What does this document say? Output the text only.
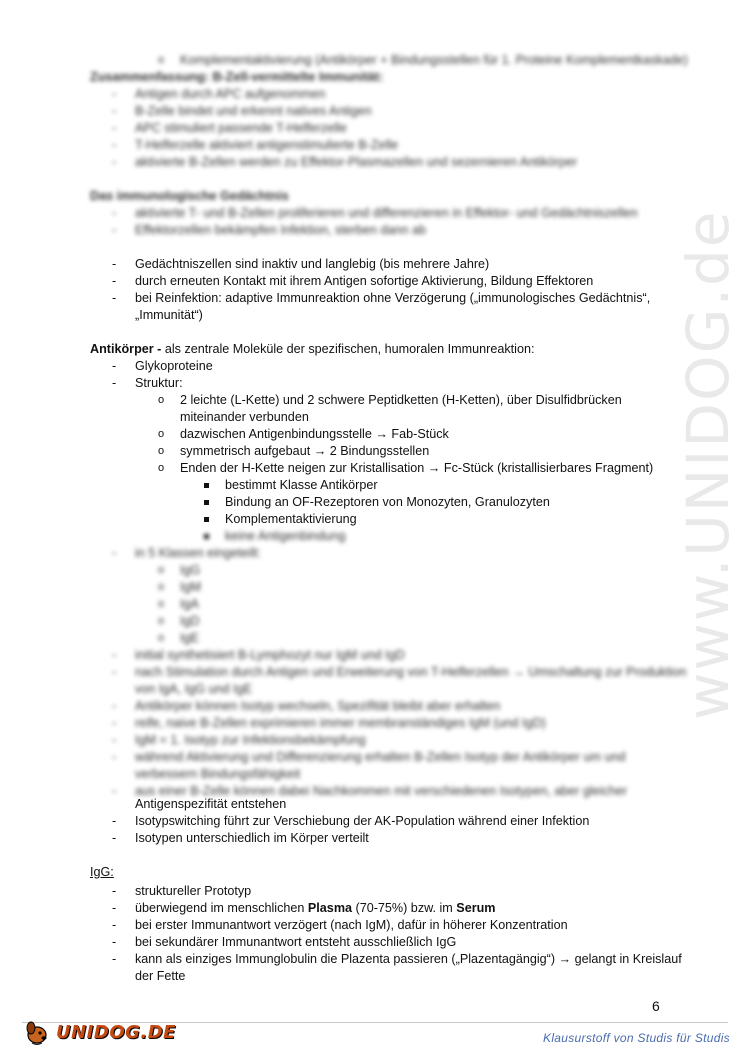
www.UNIDOG.de
o Komplementaktivierung (Antikörper + Bindungsstellen für 1. Proteine Komplementkaskade)
Zusammenfassung: B-Zell-vermittelte Immunität:
- Antigen durch APC aufgenommen
- B-Zelle bindet und erkennt natives Antigen
- APC stimuliert passende T-Helferzelle
- T-Helferzelle aktiviert antigenstimulierte B-Zelle
- aktivierte B-Zellen werden zu Effektor-Plasmazellen und sezernieren Antikörper
Das immunologische Gedächtnis
- aktivierte T- und B-Zellen proliferieren und differenzieren in Effektor- und Gedächtniszellen
- Effektorzellen bekämpfen Infektion, sterben dann ab
- Gedächtniszellen sind inaktiv und langlebig (bis mehrere Jahre)
- durch erneuten Kontakt mit ihrem Antigen sofortige Aktivierung, Bildung Effektoren
- bei Reinfektion: adaptive Immunreaktion ohne Verzögerung („immunologisches Gedächtnis“, „Immunität“)
Antikörper - als zentrale Moleküle der spezifischen, humoralen Immunreaktion:
- Glykoproteine
- Struktur:
o 2 leichte (L-Kette) und 2 schwere Peptidketten (H-Ketten), über Disulfidbrücken miteinander verbunden
o dazwischen Antigenbindungsstelle → Fab-Stück
o symmetrisch aufgebaut → 2 Bindungsstellen
o Enden der H-Kette neigen zur Kristallisation → Fc-Stück (kristallisierbares Fragment)
bestimmt Klasse Antikörper
Bindung an OF-Rezeptoren von Monozyten, Granulozyten
Komplementaktivierung
keine Antigenbindung
- in 5 Klassen eingeteilt:
o IgG
o IgM
o IgA
o IgD
o IgE
- initial synthetisiert B-Lymphozyt nur IgM und IgD
- nach Stimulation durch Antigen und Erweiterung von T-Helferzellen → Umschaltung zur Produktion von IgA, IgG und IgE
- Antikörper können Isotyp wechseln, Spezifität bleibt aber erhalten
- reife, naive B-Zellen exprimieren immer membranständiges IgM (und IgD)
- IgM = 1. Isotyp zur Infektionsbekämpfung
- während Aktivierung und Differenzierung erhalten B-Zellen Isotyp der Antikörper um und verbessern Bindungsfähigkeit
- aus einer B-Zelle können dabei Nachkommen mit verschiedenen Isotypen, aber gleicher
Antigenspezifität entstehen
- Isotypswitching führt zur Verschiebung der AK-Population während einer Infektion
- Isotypen unterschiedlich im Körper verteilt
IgG:
- struktureller Prototyp
- überwiegend im menschlichen Plasma (70-75%) bzw. im Serum
- bei erster Immunantwort verzögert (nach IgM), dafür in höherer Konzentration
- bei sekundärer Immunantwort entsteht ausschließlich IgG
- kann als einziges Immunglobulin die Plazenta passieren („Plazentagängig“) → gelangt in Kreislauf der Fette
6
UNIDOG.DE	Klausurstoff von Studis für Studis
